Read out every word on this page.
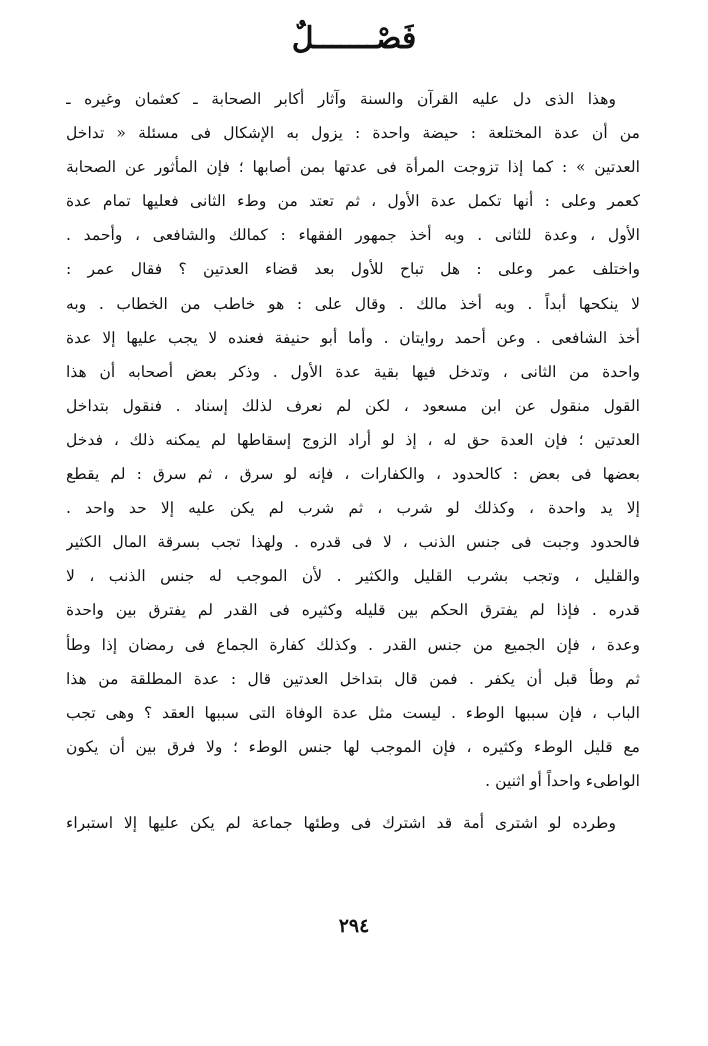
فَصْـــــــلٌ
وهذا الذى دل عليه القرآن والسنة وآثار أكابر الصحابة ـ كعثمان وغيره ـ
من أن عدة المختلعة : حيضة واحدة : يزول به الإشكال فى مسئلة « تداخل
العدتين » : كما إذا تزوجت المرأة فى عدتها بمن أصابها ؛ فإن المأثور عن الصحابة
كعمر وعلى : أنها تكمل عدة الأول ، ثم تعتد من وطء الثانى فعليها تمام عدة
الأول ، وعدة للثانى . وبه أخذ جمهور الفقهاء : كمالك والشافعى ، وأحمد .
واختلف عمر وعلى : هل تباح للأول بعد قضاء العدتين ؟ فقال عمر :
لا ينكحها أبداً . وبه أخذ مالك . وقال على : هو خاطب من الخطاب . وبه
أخذ الشافعى . وعن أحمد روايتان . وأما أبو حنيفة فعنده لا يجب عليها إلا عدة
واحدة من الثانى ، وتدخل فيها بقية عدة الأول . وذكر بعض أصحابه أن هذا
القول منقول عن ابن مسعود ، لكن لم نعرف لذلك إسناد . فنقول بتداخل
العدتين ؛ فإن العدة حق له ، إذ لو أراد الزوج إسقاطها لم يمكنه ذلك ، فدخل
بعضها فى بعض : كالحدود ، والكفارات ، فإنه لو سرق ، ثم سرق : لم يقطع
إلا يد واحدة ، وكذلك لو شرب ، ثم شرب لم يكن عليه إلا حد واحد .
فالحدود وجبت فى جنس الذنب ، لا فى قدره . ولهذا تجب بسرقة المال الكثير
والقليل ، وتجب بشرب القليل والكثير . لأن الموجب له جنس الذنب ، لا
قدره . فإذا لم يفترق الحكم بين قليله وكثيره فى القدر لم يفترق بين واحدة
وعدة ، فإن الجميع من جنس القدر . وكذلك كفارة الجماع فى رمضان إذا وطأ
ثم وطأ قبل أن يكفر . فمن قال بتداخل العدتين قال : عدة المطلقة من هذا
الباب ، فإن سببها الوطء . ليست مثل عدة الوفاة التى سببها العقد ؟ وهى تجب
مع قليل الوطء وكثيره ، فإن الموجب لها جنس الوطء ؛ ولا فرق بين أن يكون
الواطىء واحداً أو اثنين .
وطرده لو اشترى أمة قد اشترك فى وطئها جماعة لم يكن عليها إلا استبراء
٢٩٤
